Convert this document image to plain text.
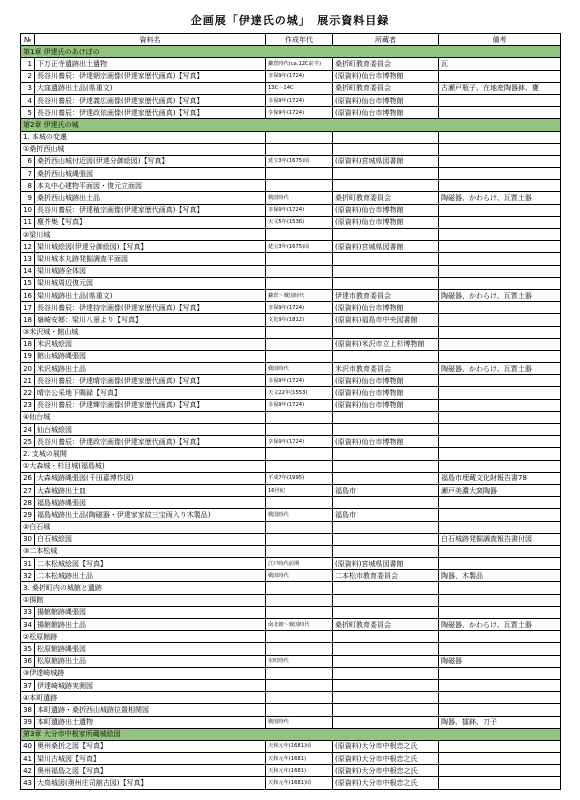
企画展「伊達氏の城」　展示資料目録
№	資料名	作成年代	所蔵者	備考
第1章 伊達氏のあけぼの				
1	下万正寺遺跡出土遺物	鎌倉時代(ca.12C前半)	桑折町教育委員会	瓦
2	長谷川養辰：伊達朝宗画像(伊達家歴代画真)【写真】	享保9年(1724)	(原資料)仙台市博物館	
3	大窪遺跡出土品(県重文)	13C～14C	桑折町教育委員会	古瀬戸瓶子、在地産陶器鉢、甕
4	長谷川養辰：伊達義広画像(伊達家歴代画真)【写真】	享保9年(1724)	(原資料)仙台市博物館	
5	長谷川養辰：伊達政依画像(伊達家歴代画真)【写真】	享保9年(1724)	(原資料)仙台市博物館	
第2章 伊達氏の城				
1. 本城の変遷				
①桑折西山城				
6	桑折西山城付近図(伊達分御絵図)【写真】	延宝3年(1675)頃	(原資料)宮城県図書館	
7	桑折西山城縄張図			
8	本丸中心建物平面図・復元立面図			
9	桑折西山城跡出土品	戦国時代	桑折町教育委員会	陶磁器、かわらけ、瓦質土器
10	長谷川養辰：伊達稙宗画像(伊達家歴代画真)【写真】	享保9年(1724)	(原資料)仙台市博物館	
11	塵芥集【写真】	天文5年(1536)	(原資料)仙台市博物館	
②梁川城				
12	梁川城絵図(伊達分御絵図)【写真】	延宝3年(1675)頃	(原資料)宮城県図書館	
13	梁川城本丸跡発掘調査平面図			
14	梁川城跡全体図			
15	梁川城周辺復元図			
16	梁川城跡出土品(県重文)	鎌倉～戦国時代	伊達市教育委員会	陶磁器、かわらけ、瓦質土器
17	長谷川養辰：伊達持宗画像(伊達家歴代画真)【写真】	享保9年(1724)	(原資料)仙台市博物館	
18	嶺崎安郷：梁川八景より【写真】	文化9年(1812)	(原資料)福島市中央図書館	
③米沢城・館山城				
18	米沢城絵図		(原資料)米沢市立上杉博物館	
19	館山城跡縄張図			
20	米沢城跡出土品	戦国時代	米沢市教育委員会	陶磁器、かわらけ、瓦質土器
21	長谷川養辰：伊達晴宗画像(伊達家歴代画真)【写真】	享保9年(1724)	(原資料)仙台市博物館	
22	晴宗公采地下賜録【写真】	天文22年(1553)	(原資料)仙台市博物館	
23	長谷川養辰：伊達輝宗画像(伊達家歴代画真)【写真】	享保9年(1724)	(原資料)仙台市博物館	
④仙台城				
24	仙台城絵図			
25	長谷川養辰：伊達政宗画像(伊達家歴代画真)【写真】	享保9年(1724)	(原資料)仙台市博物館	
2. 支城の展開				
①大森城・杉目城(福島城)				
26	大森城跡縄張図(千田嘉博作図)	平成7年(1995)		福島市埋蔵文化財報告書78
27	大森城跡出土皿	16世紀	福島市	瀬戸美濃大窯陶器
28	福島城跡縄張図			
29	福島城跡出土品(陶磁器・伊達家家紋三宝両入り木製品)	戦国時代	福島市	
②白石城				
30	白石城絵図			白石城跡発掘調査報告書付図
③二本松城				
31	二本松城絵図【写真】	江戸時代前期	(原資料)宮城県図書館	
32	二本松城跡出土品	戦国時代	二本松市教育委員会	陶器、木製品
3. 桑折町内の城館と遺跡				
①揚館				
33	揚館館跡縄張図			
34	揚館館跡出土品	南北朝～戦国時代	桑折町教育委員会	陶磁器、かわらけ、瓦質土器
②松原館跡				
35	松原館跡縄張図			
36	松原館跡出土品	室町時代		陶磁器
③伊達崎城跡				
37	伊達崎城跡実測図			
④本町遺跡				
38	本町遺跡・桑折西山城跡位置相関図			
39	本町遺跡出土遺物	戦国時代		陶器、擂鉢、刀子
第3章 大分市中根家所蔵城絵図				
40	奥州桑折之図【写真】	天和元年(1681)頃	(原資料)大分市中根忠之氏	
41	梁川古城図【写真】	天和元年(1681)	(原資料)大分市中根忠之氏	
42	奥州福島之図【写真】	天和元年(1681)	(原資料)大分市中根忠之氏	
43	大鳥城図(奥州庄司舘古図)【写真】	天和元年(1681)頃	(原資料)大分市中根忠之氏	
